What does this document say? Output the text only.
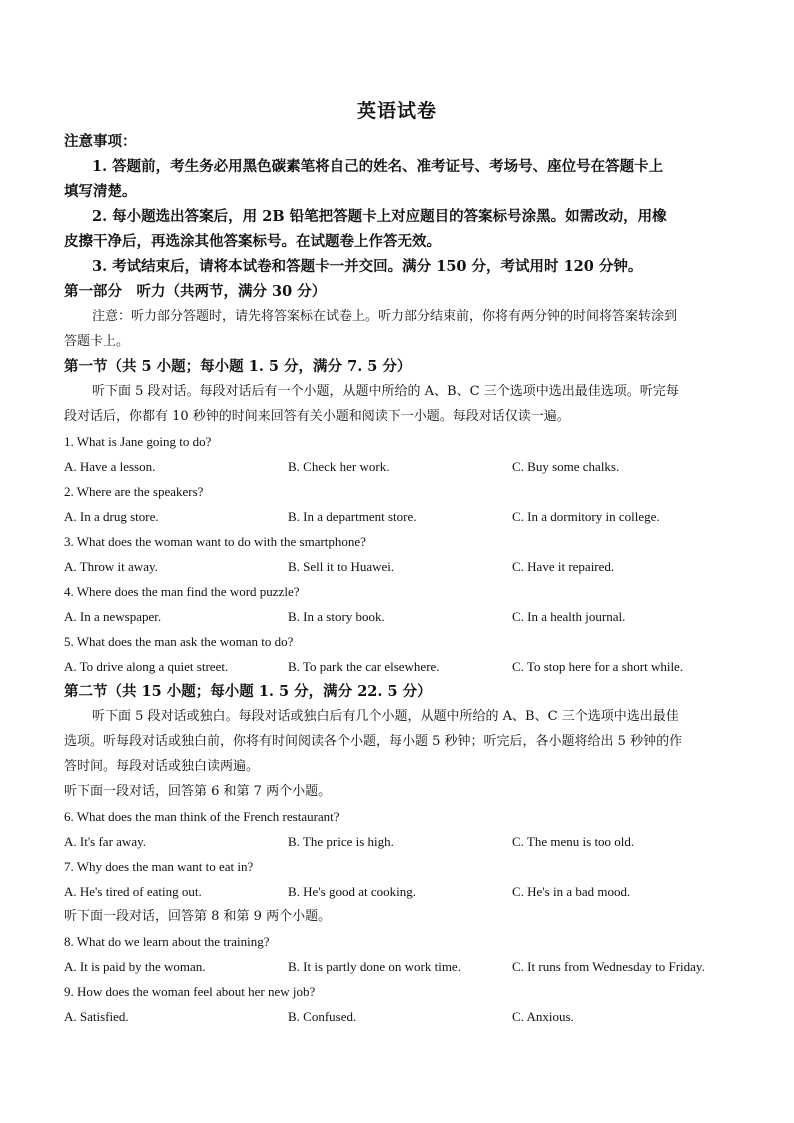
英语试卷
注意事项：
1. 答题前，考生务必用黑色碳素笔将自己的姓名、准考证号、考场号、座位号在答题卡上
填写清楚。
2. 每小题选出答案后，用 2B 铅笔把答题卡上对应题目的答案标号涂黑。如需改动，用橡
皮擦干净后，再选涂其他答案标号。在试题卷上作答无效。
3. 考试结束后，请将本试卷和答题卡一并交回。满分 150 分，考试用时 120 分钟。
第一部分　听力（共两节，满分 30 分）
注意：听力部分答题时，请先将答案标在试卷上。听力部分结束前，你将有两分钟的时间将答案转涂到
答题卡上。
第一节（共 5 小题；每小题 1. 5 分，满分 7. 5 分）
听下面 5 段对话。每段对话后有一个小题，从题中所给的 A、B、C 三个选项中选出最佳选项。听完每
段对话后，你都有 10 秒钟的时间来回答有关小题和阅读下一小题。每段对话仅读一遍。
1. What is Jane going to do?
A. Have a lesson.	B. Check her work.	C. Buy some chalks.
2. Where are the speakers?
A. In a drug store.	B. In a department store.	C. In a dormitory in college.
3. What does the woman want to do with the smartphone?
A. Throw it away.	B. Sell it to Huawei.	C. Have it repaired.
4. Where does the man find the word puzzle?
A. In a newspaper.	B. In a story book.	C. In a health journal.
5. What does the man ask the woman to do?
A. To drive along a quiet street.	B. To park the car elsewhere.	C. To stop here for a short while.
第二节（共 15 小题；每小题 1. 5 分，满分 22. 5 分）
听下面 5 段对话或独白。每段对话或独白后有几个小题，从题中所给的 A、B、C 三个选项中选出最佳
选项。听每段对话或独白前，你将有时间阅读各个小题，每小题 5 秒钟；听完后，各小题将给出 5 秒钟的作
答时间。每段对话或独白读两遍。
听下面一段对话，回答第 6 和第 7 两个小题。
6. What does the man think of the French restaurant?
A. It's far away.	B. The price is high.	C. The menu is too old.
7. Why does the man want to eat in?
A. He's tired of eating out.	B. He's good at cooking.	C. He's in a bad mood.
听下面一段对话，回答第 8 和第 9 两个小题。
8. What do we learn about the training?
A. It is paid by the woman.	B. It is partly done on work time.	C. It runs from Wednesday to Friday.
9. How does the woman feel about her new job?
A. Satisfied.	B. Confused.	C. Anxious.
